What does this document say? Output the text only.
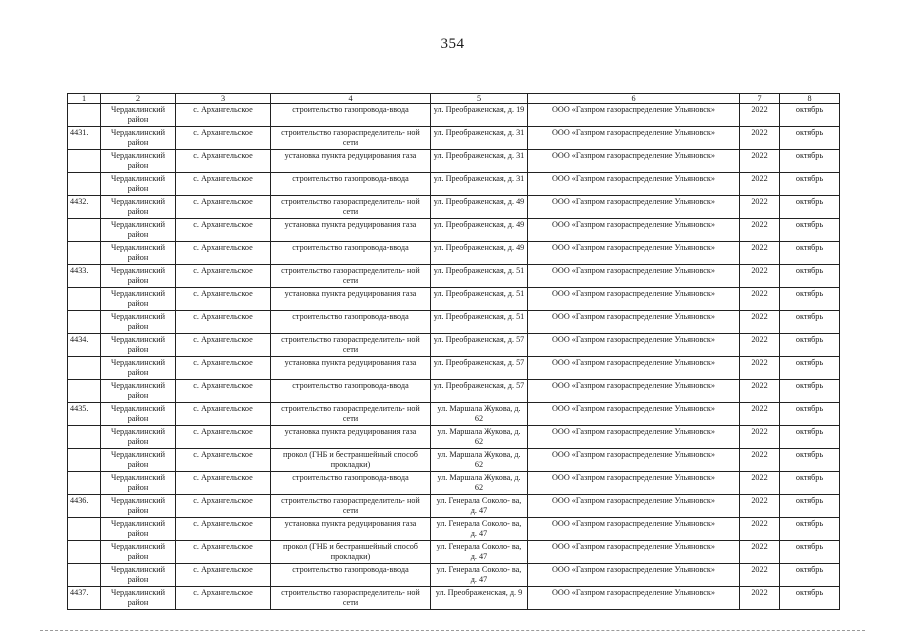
354
1	2	3	4	5	6	7	8
	Чердаклинский район	с. Архангельское	строительство газопровода-ввода	ул. Преображенская, д. 19	ООО «Газпром газораспределение Ульяновск»	2022	октябрь
4431.	Чердаклинский район	с. Архангельское	строительство газораспределитель- ной сети	ул. Преображенская, д. 31	ООО «Газпром газораспределение Ульяновск»	2022	октябрь
	Чердаклинский район	с. Архангельское	установка пункта редуцирования газа	ул. Преображенская, д. 31	ООО «Газпром газораспределение Ульяновск»	2022	октябрь
	Чердаклинский район	с. Архангельское	строительство газопровода-ввода	ул. Преображенская, д. 31	ООО «Газпром газораспределение Ульяновск»	2022	октябрь
4432.	Чердаклинский район	с. Архангельское	строительство газораспределитель- ной сети	ул. Преображенская, д. 49	ООО «Газпром газораспределение Ульяновск»	2022	октябрь
	Чердаклинский район	с. Архангельское	установка пункта редуцирования газа	ул. Преображенская, д. 49	ООО «Газпром газораспределение Ульяновск»	2022	октябрь
	Чердаклинский район	с. Архангельское	строительство газопровода-ввода	ул. Преображенская, д. 49	ООО «Газпром газораспределение Ульяновск»	2022	октябрь
4433.	Чердаклинский район	с. Архангельское	строительство газораспределитель- ной сети	ул. Преображенская, д. 51	ООО «Газпром газораспределение Ульяновск»	2022	октябрь
	Чердаклинский район	с. Архангельское	установка пункта редуцирования газа	ул. Преображенская, д. 51	ООО «Газпром газораспределение Ульяновск»	2022	октябрь
	Чердаклинский район	с. Архангельское	строительство газопровода-ввода	ул. Преображенская, д. 51	ООО «Газпром газораспределение Ульяновск»	2022	октябрь
4434.	Чердаклинский район	с. Архангельское	строительство газораспределитель- ной сети	ул. Преображенская, д. 57	ООО «Газпром газораспределение Ульяновск»	2022	октябрь
	Чердаклинский район	с. Архангельское	установка пункта редуцирования газа	ул. Преображенская, д. 57	ООО «Газпром газораспределение Ульяновск»	2022	октябрь
	Чердаклинский район	с. Архангельское	строительство газопровода-ввода	ул. Преображенская, д. 57	ООО «Газпром газораспределение Ульяновск»	2022	октябрь
4435.	Чердаклинский район	с. Архангельское	строительство газораспределитель- ной сети	ул. Маршала Жукова, д. 62	ООО «Газпром газораспределение Ульяновск»	2022	октябрь
	Чердаклинский район	с. Архангельское	установка пункта редуцирования газа	ул. Маршала Жукова, д. 62	ООО «Газпром газораспределение Ульяновск»	2022	октябрь
	Чердаклинский район	с. Архангельское	прокол (ГНБ и бестраншейный способ прокладки)	ул. Маршала Жукова, д. 62	ООО «Газпром газораспределение Ульяновск»	2022	октябрь
	Чердаклинский район	с. Архангельское	строительство газопровода-ввода	ул. Маршала Жукова, д. 62	ООО «Газпром газораспределение Ульяновск»	2022	октябрь
4436.	Чердаклинский район	с. Архангельское	строительство газораспределитель- ной сети	ул. Генерала Соколо- ва, д. 47	ООО «Газпром газораспределение Ульяновск»	2022	октябрь
	Чердаклинский район	с. Архангельское	установка пункта редуцирования газа	ул. Генерала Соколо- ва, д. 47	ООО «Газпром газораспределение Ульяновск»	2022	октябрь
	Чердаклинский район	с. Архангельское	прокол (ГНБ и бестраншейный способ прокладки)	ул. Генерала Соколо- ва, д. 47	ООО «Газпром газораспределение Ульяновск»	2022	октябрь
	Чердаклинский район	с. Архангельское	строительство газопровода-ввода	ул. Генерала Соколо- ва, д. 47	ООО «Газпром газораспределение Ульяновск»	2022	октябрь
4437.	Чердаклинский район	с. Архангельское	строительство газораспределитель- ной сети	ул. Преображенская, д. 9	ООО «Газпром газораспределение Ульяновск»	2022	октябрь
